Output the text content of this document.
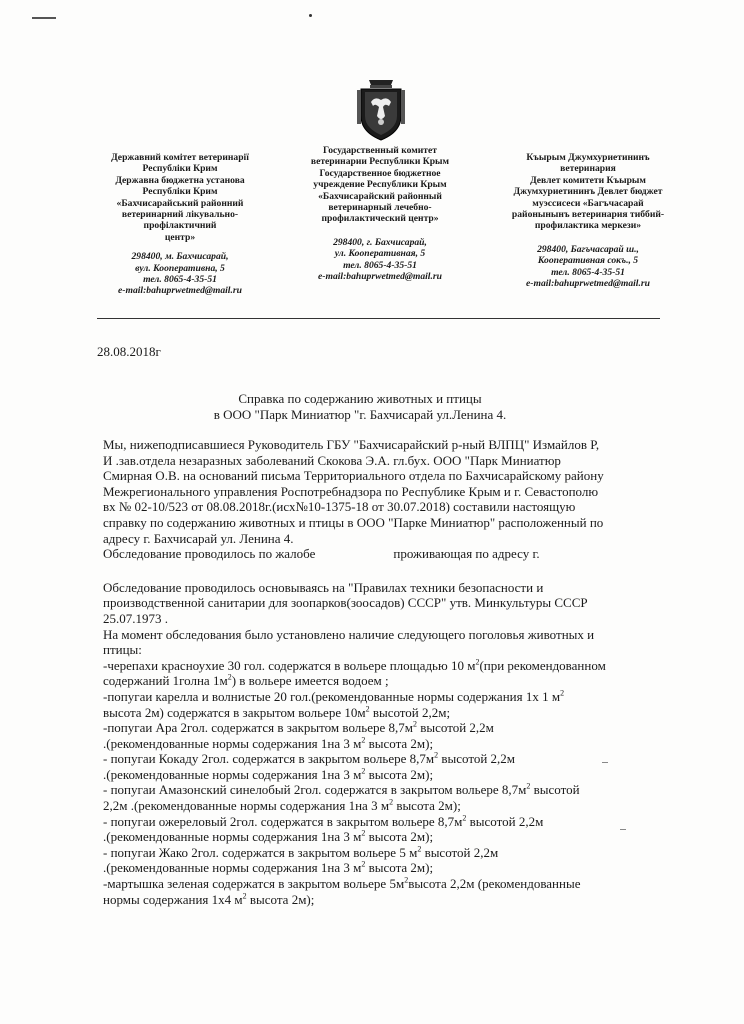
Державний комітет ветеринарії
Республіки Крим
Державна бюджетна установа
Республіки Крим
«Бахчисарайський районний
ветеринарний лікувально-
профілактичний
центр»
298400, м. Бахчисарай,
вул. Кооперативна, 5
тел. 8065-4-35-51
e-mail:bahuprwetmed@mail.ru
Государственный комитет
ветеринарии Республики Крым
Государственное бюджетное
учреждение Республики Крым
«Бахчисарайский районный
ветеринарный лечебно-
профилактический центр»
298400, г. Бахчисарай,
ул. Кооперативная, 5
тел. 8065-4-35-51
e-mail:bahuprwetmed@mail.ru
Къырым Джумхуриетининъ
ветеринария
Девлет комитети Къырым
Джумхуриетининъ Девлет бюджет
муэссисеси «Багъчасарай
районынынъ ветеринария тиббий-
профилактика меркези»
298400, Багъчасарай ш.,
Кооперативная сокъ., 5
тел. 8065-4-35-51
e-mail:bahuprwetmed@mail.ru
28.08.2018г
Справка по содержанию животных и птицы
в ООО "Парк Миниатюр "г. Бахчисарай ул.Ленина 4.
Мы, нижеподписавшиеся Руководитель ГБУ "Бахчисарайский р-ный ВЛПЦ" Измайлов Р,
И .зав.отдела незаразных заболеваний Скокова Э.А. гл.бух. ООО "Парк Миниатюр
Смирная О.В. на оснований письма Территориального отдела по Бахчисарайскому району
Межрегионального управления Роспотребнадзора по Республике Крым и г. Севастополю
вх № 02-10/523 от 08.08.2018г.(исх№10-1375-18 от 30.07.2018) составили настоящую
справку по содержанию животных и птицы в ООО "Парке Миниатюр" расположенный по
адресу г. Бахчисарай ул. Ленина 4.
Обследование проводилось по жалобе	проживающая по адресу г.
Обследование проводилось основываясь на "Правилах техники безопасности и
производственной санитарии для зоопарков(зоосадов) СССР" утв. Минкультуры СССР
25.07.1973 .
На момент обследования было установлено наличие следующего поголовья животных и
птицы:
-черепахи красноухие 30 гол. содержатся в вольере площадью 10 $м^2(при$ рекомендованном
содержаний 1голна $1м^2$) в вольере имеется водоем ;
-попугаи карелла и волнистые 20 гол.(рекомендованные нормы содержания 1х 1 $м^2$
высота 2м) содержатся в закрытом вольере $10м^2$ высотой 2,2м;
-попугаи Ара 2гол. содержатся в закрытом вольере $8,7м^2$ высотой 2,2м
.(рекомендованные нормы содержания 1на 3 $м^2$ высота 2м);
- попугаи Кокаду 2гол. содержатся в закрытом вольере $8,7м^2$ высотой 2,2м
.(рекомендованные нормы содержания 1на 3 $м^2$ высота 2м);
- попугаи Амазонский синелобый 2гол. содержатся в закрытом вольере $8,7м^2$ высотой
2,2м .(рекомендованные нормы содержания 1на 3 $м^2$ высота 2м);
- попугаи ожереловый 2гол. содержатся в закрытом вольере $8,7м^2$ высотой 2,2м
.(рекомендованные нормы содержания 1на 3 $м^2$ высота 2м);
- попугаи Жако 2гол. содержатся в закрытом вольере 5 $м^2$ высотой 2,2м
.(рекомендованные нормы содержания 1на 3 $м^2$ высота 2м);
-мартышка зеленая содержатся в закрытом вольере $5м^2высота$ 2,2м (рекомендованные
нормы содержания 1х4 $м^2$ высота 2м);
